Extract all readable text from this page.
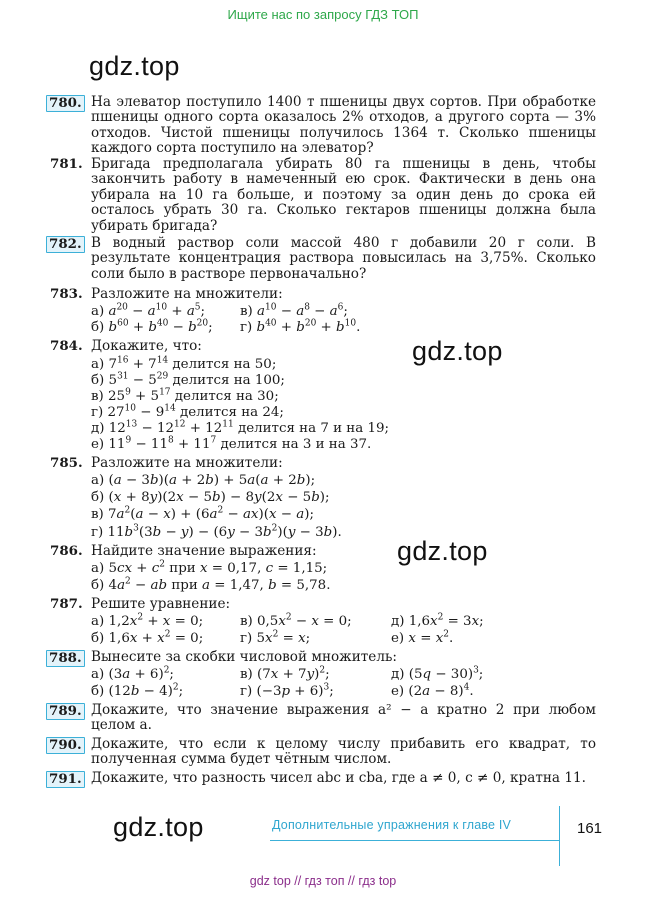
Ищите нас по запросу ГДЗ ТОП
gdz.top
gdz.top
gdz.top
gdz.top
780. На элеватор поступило 1400 т пшеницы двух сортов. При обработке пшеницы одного сорта оказалось 2% отходов, а другого сорта — 3% отходов. Чистой пшеницы получилось 1364 т. Сколько пшеницы каждого сорта поступило на элеватор?
781. Бригада предполагала убирать 80 га пшеницы в день, чтобы закончить работу в намеченный ею срок. Фактически в день она убирала на 10 га больше, и поэтому за один день до срока ей осталось убрать 30 га. Сколько гектаров пшеницы должна была убирать бригада?
782. В водный раствор соли массой 480 г добавили 20 г соли. В результате концентрация раствора повысилась на 3,75%. Сколько соли было в растворе первоначально?
783. Разложите на множители:
а) $a^{20} - a^{10} + a^5$;	в) $a^{10} - a^8 - a^6$;
б) $b^{60} + b^{40} - b^{20}$; г) $b^{40} + b^{20} + b^{10}$.
784. Докажите, что:
а) $7^{16} + 7^{14}$ делится на 50;
б) $5^{31} - 5^{29}$ делится на 100;
в) $25^9 + 5^{17}$ делится на 30;
г) $27^{10} - 9^{14}$ делится на 24;
д) $12^{13} - 12^{12} + 12^{11}$ делится на 7 и на 19;
е) $11^9 - 11^8 + 11^7$ делится на 3 и на 37.
785. Разложите на множители:
а) (a − 3b)(a + 2b) + 5a(a + 2b);
б) (x + 8y)(2x − 5b) − 8y(2x − 5b);
в) $7a^2(a - x) + (6a^2 - ax)(x - a)$;
г) $11b^3(3b - y) - (6y - 3b^2)(y - 3b)$.
786. Найдите значение выражения:
а) $5cx + c^2$ при x = 0,17, c = 1,15;
б) $4a^2$ − ab при a = 1,47, b = 5,78.
787. Решите уравнение:
а) $1,2x^2 + x = 0$;	в) $0,5x^2 - x = 0$;	д) $1,6x^2 = 3x$;
б) $1,6x + x^2 = 0$;	г) $5x^2 = x$;	е) $x = x^2$.
788. Вынесите за скобки числовой множитель:
а) $(3a + 6)^2$;	в) $(7x + 7y)^2$;	д) $(5q - 30)^3$;
б) $(12b - 4)^2$;	г) $(-3p + 6)^3$;	е) $(2a - 8)^4$.
789. Докажите, что значение выражения a² − a кратно 2 при любом целом a.
790. Докажите, что если к целому числу прибавить его квадрат, то полученная сумма будет чётным числом.
791. Докажите, что разность чисел abc и cba, где a ≠ 0, c ≠ 0, кратна 11.
Дополнительные упражнения к главе IV	161
gdz top // гдз топ // гдз top
